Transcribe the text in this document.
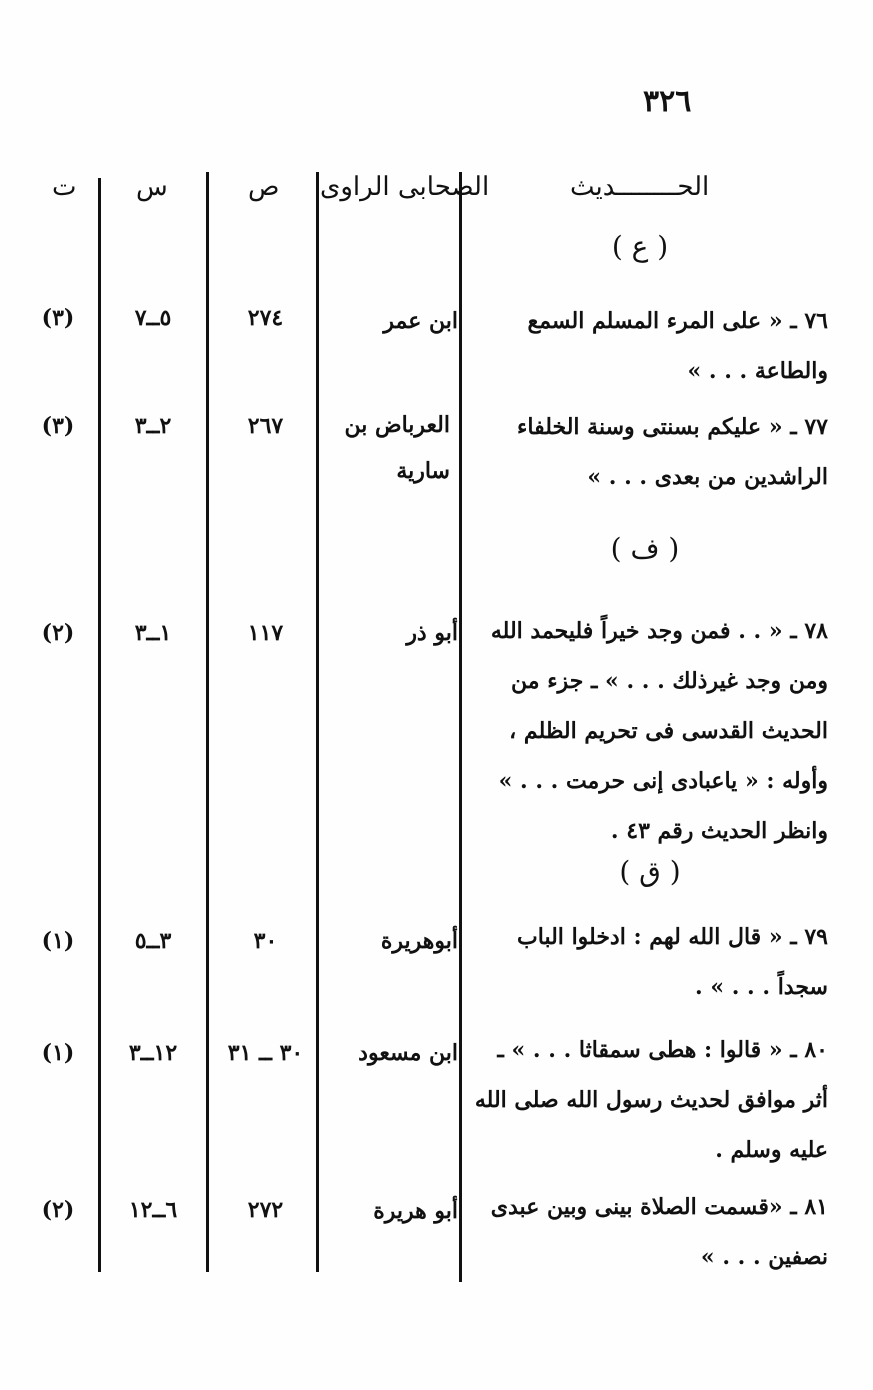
٣٢٦
الحــــــــديث
الصحابى الراوى
ص
س
ت
( ع )
٧٦ ـ « على المرء المسلم السمع والطاعة . . . »
ابن عمر
٢٧٤
٥ــ٧
(٣)
٧٧ ـ « عليكم بسنتى وسنة الخلفاء الراشدين من بعدى . . . »
العرباض بن سارية
٢٦٧
٢ــ٣
(٣)
( ف )
٧٨ ـ « . . فمن وجد خيراً فليحمد الله ومن وجد غيرذلك . . . » ـ جزء من الحديث القدسى فى تحريم الظلم ، وأوله : « ياعبادى إنى حرمت . . . » وانظر الحديث رقم ٤٣ .
أبو ذر
١١٧
١ــ٣
(٢)
( ق )
٧٩ ـ « قال الله لهم : ادخلوا الباب سجداً . . . » .
أبوهريرة
٣٠
٣ــ٥
(١)
٨٠ ـ « قالوا : هطى سمقاثا . . . » ـ أثر موافق لحديث رسول الله صلى الله عليه وسلم .
ابن مسعود
٣٠ ــ ٣١
١٢ــ٣
(١)
٨١ ـ «قسمت الصلاة بينى وبين عبدى نصفين . . . »
أبو هريرة
٢٧٢
٦ــ١٢
(٢)
